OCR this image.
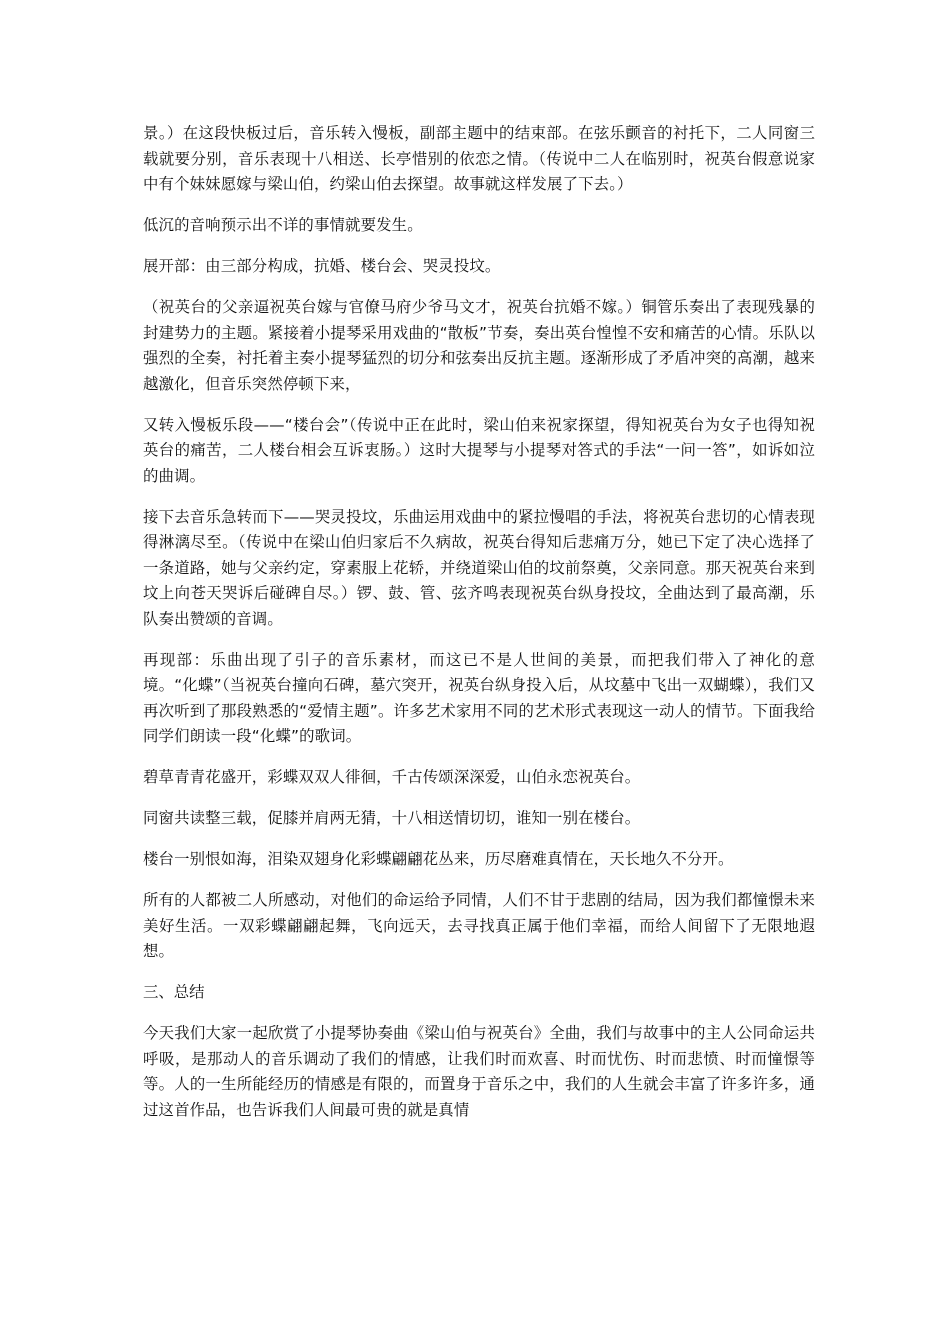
景。）在这段快板过后，音乐转入慢板，副部主题中的结束部。在弦乐颤音的衬托下，二人同窗三载就要分别，音乐表现十八相送、长亭惜别的依恋之情。（传说中二人在临别时，祝英台假意说家中有个妹妹愿嫁与梁山伯，约梁山伯去探望。故事就这样发展了下去。）

低沉的音响预示出不详的事情就要发生。

展开部：由三部分构成，抗婚、楼台会、哭灵投坟。

（祝英台的父亲逼祝英台嫁与官僚马府少爷马文才，祝英台抗婚不嫁。）铜管乐奏出了表现残暴的封建势力的主题。紧接着小提琴采用戏曲的“散板”节奏，奏出英台惶惶不安和痛苦的心情。乐队以强烈的全奏，衬托着主奏小提琴猛烈的切分和弦奏出反抗主题。逐渐形成了矛盾冲突的高潮，越来越激化，但音乐突然停顿下来，

又转入慢板乐段——“楼台会”（传说中正在此时，梁山伯来祝家探望，得知祝英台为女子也得知祝英台的痛苦，二人楼台相会互诉衷肠。）这时大提琴与小提琴对答式的手法“一问一答”，如诉如泣的曲调。

接下去音乐急转而下——哭灵投坟，乐曲运用戏曲中的紧拉慢唱的手法，将祝英台悲切的心情表现得淋漓尽至。（传说中在梁山伯归家后不久病故，祝英台得知后悲痛万分，她已下定了决心选择了一条道路，她与父亲约定，穿素服上花轿，并绕道梁山伯的坟前祭奠，父亲同意。那天祝英台来到坟上向苍天哭诉后碰碑自尽。）锣、鼓、管、弦齐鸣表现祝英台纵身投坟，全曲达到了最高潮，乐队奏出赞颂的音调。

再现部：乐曲出现了引子的音乐素材，而这已不是人世间的美景，而把我们带入了神化的意境。“化蝶”（当祝英台撞向石碑，墓穴突开，祝英台纵身投入后，从坟墓中飞出一双蝴蝶），我们又再次听到了那段熟悉的“爱情主题”。许多艺术家用不同的艺术形式表现这一动人的情节。下面我给同学们朗读一段“化蝶”的歌词。

碧草青青花盛开，彩蝶双双人徘徊，千古传颂深深爱，山伯永恋祝英台。

同窗共读整三载，促膝并肩两无猜，十八相送情切切，谁知一别在楼台。

楼台一别恨如海，泪染双翅身化彩蝶翩翩花丛来，历尽磨难真情在，天长地久不分开。

所有的人都被二人所感动，对他们的命运给予同情，人们不甘于悲剧的结局，因为我们都憧憬未来美好生活。一双彩蝶翩翩起舞，飞向远天，去寻找真正属于他们幸福，而给人间留下了无限地遐想。

三、总结

今天我们大家一起欣赏了小提琴协奏曲《梁山伯与祝英台》全曲，我们与故事中的主人公同命运共呼吸，是那动人的音乐调动了我们的情感，让我们时而欢喜、时而忧伤、时而悲愤、时而憧憬等等。人的一生所能经历的情感是有限的，而置身于音乐之中，我们的人生就会丰富了许多许多，通过这首作品，也告诉我们人间最可贵的就是真情
